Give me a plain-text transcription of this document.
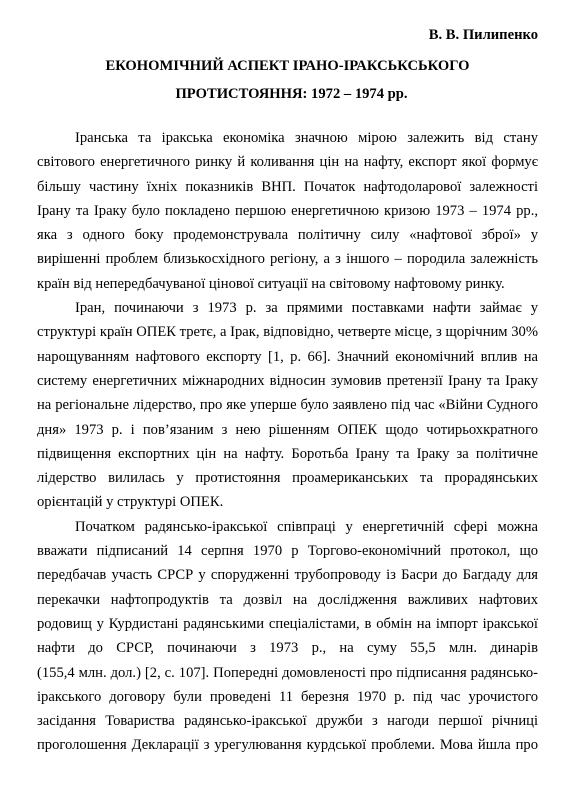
В. В. Пилипенко

ЕКОНОМІЧНИЙ АСПЕКТ ІРАНО-ІРАКСЬКСЬКОГО
ПРОТИСТОЯННЯ: 1972 – 1974 рр.

Іранська та іракська економіка значною мірою залежить від стану
світового енергетичного ринку й коливання цін на нафту, експорт якої формує
більшу частину їхніх показників ВНП. Початок нафтодоларової залежності
Ірану та Іраку було покладено першою енергетичною кризою 1973 – 1974 рр.,
яка з одного боку продемонструвала політичну силу «нафтової зброї» у
вирішенні проблем близькосхідного регіону, а з іншого – породила залежність
країн від непередбачуваної цінової ситуації на світовому нафтовому ринку.

Іран, починаючи з 1973 р. за прямими поставками нафти займає у
структурі країн ОПЕК третє, а Ірак, відповідно, четверте місце, з щорічним 30%
нарощуванням нафтового експорту [1, р. 66]. Значний економічний вплив на
систему енергетичних міжнародних відносин зумовив претензії Ірану та Іраку
на регіональне лідерство, про яке уперше було заявлено під час «Війни Судного
дня» 1973 р. і пов’язаним з нею рішенням ОПЕК щодо чотирьохкратного
підвищення експортних цін на нафту. Боротьба Ірану та Іраку за політичне
лідерство вилилась у протистояння проамериканських та прорадянських
орієнтацій у структурі ОПЕК.

Початком радянсько-іракської співпраці у енергетичній сфері можна
вважати підписаний 14 серпня 1970 р Торгово-економічний протокол, що
передбачав участь СРСР у спорудженні трубопроводу із Басри до Багдаду для
перекачки нафтопродуктів та дозвіл на дослідження важливих нафтових
родовищ у Курдистані радянськими спеціалістами, в обмін на імпорт іракської
нафти до СРСР, починаючи з 1973 р., на суму 55,5 млн. динарів
(155,4 млн. дол.) [2, с. 107]. Попередні домовленості про підписання радянсько-
іракського договору були проведені 11 березня 1970 р. під час урочистого
засідання Товариства радянсько-іракської дружби з нагоди першої річниці
проголошення Декларації з урегулювання курдської проблеми. Мова йшла про
